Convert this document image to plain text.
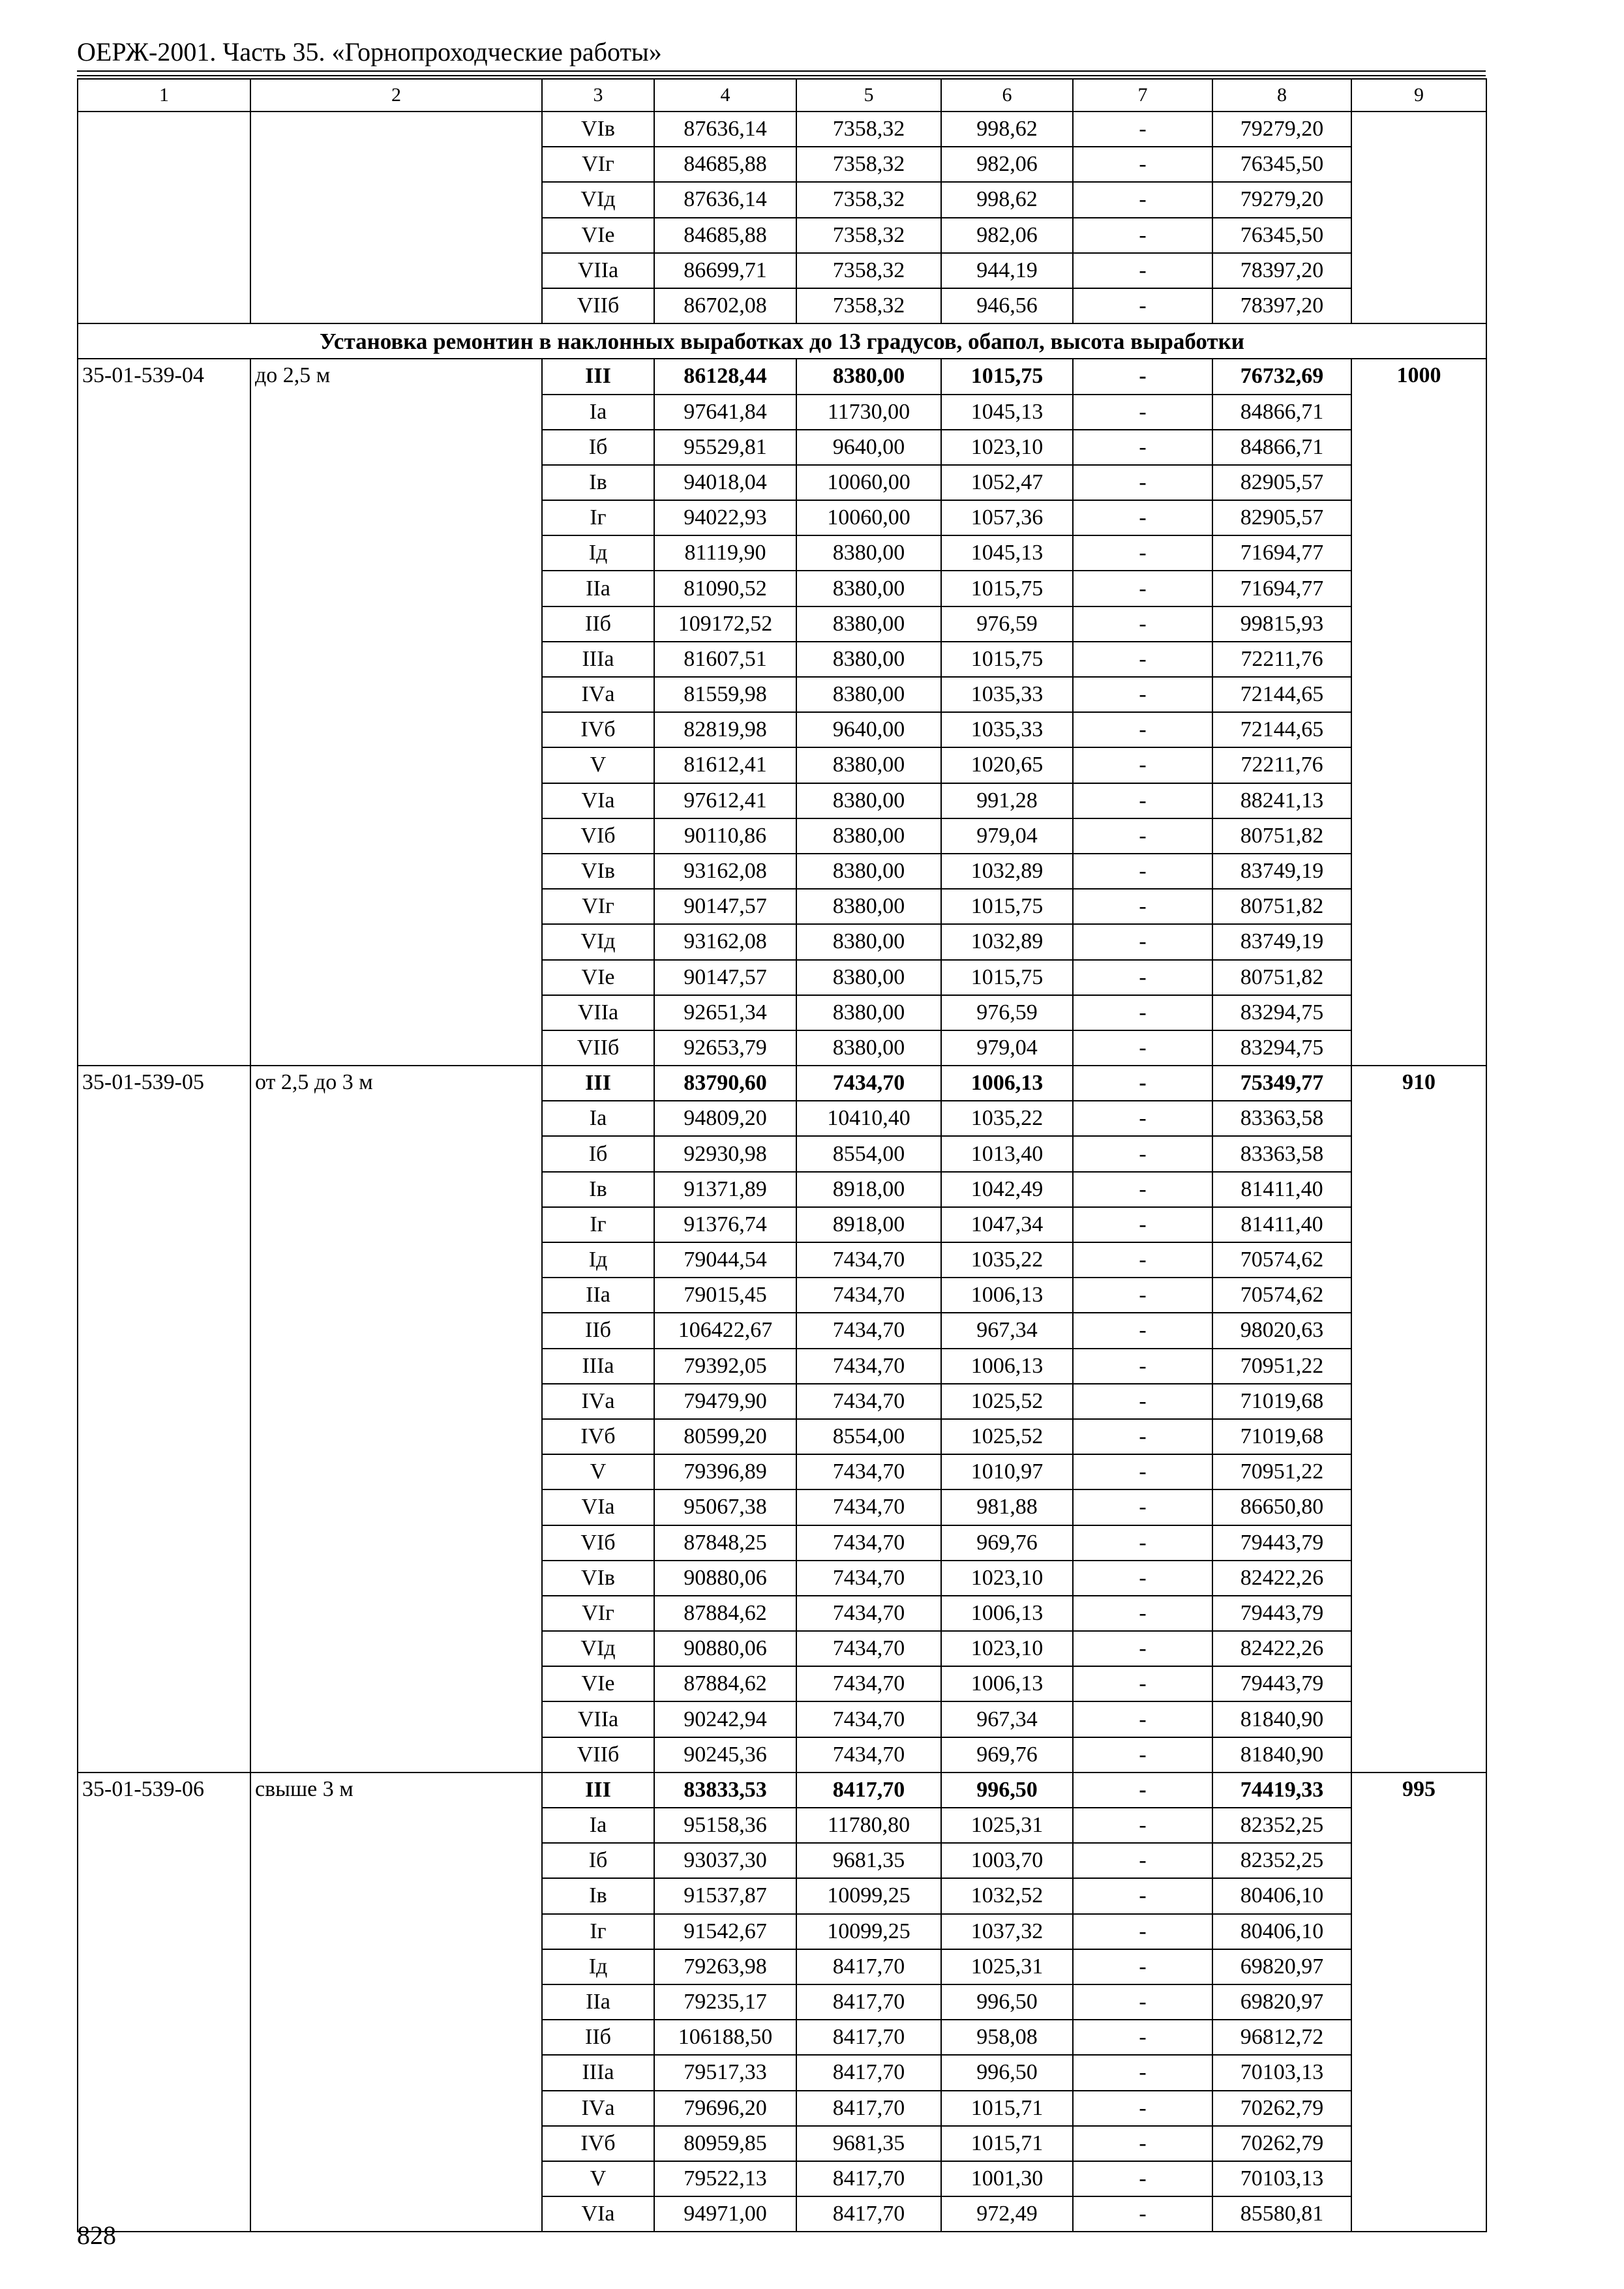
ОЕРЖ-2001. Часть 35. «Горнопроходческие работы»
1	2	3	4	5	6	7	8	9
		VIв	87636,14	7358,32	998,62	-	79279,20	
		VIг	84685,88	7358,32	982,06	-	76345,50	
		VIд	87636,14	7358,32	998,62	-	79279,20	
		VIе	84685,88	7358,32	982,06	-	76345,50	
		VIIа	86699,71	7358,32	944,19	-	78397,20	
		VIIб	86702,08	7358,32	946,56	-	78397,20	
Установка ремонтин в наклонных выработках до 13 градусов, обапол, высота выработки								
35-01-539-04	до 2,5 м	III	86128,44	8380,00	1015,75	-	76732,69	1000
		Iа	97641,84	11730,00	1045,13	-	84866,71	
		Iб	95529,81	9640,00	1023,10	-	84866,71	
		Iв	94018,04	10060,00	1052,47	-	82905,57	
		Iг	94022,93	10060,00	1057,36	-	82905,57	
		Iд	81119,90	8380,00	1045,13	-	71694,77	
		IIа	81090,52	8380,00	1015,75	-	71694,77	
		IIб	109172,52	8380,00	976,59	-	99815,93	
		IIIа	81607,51	8380,00	1015,75	-	72211,76	
		IVа	81559,98	8380,00	1035,33	-	72144,65	
		IVб	82819,98	9640,00	1035,33	-	72144,65	
		V	81612,41	8380,00	1020,65	-	72211,76	
		VIа	97612,41	8380,00	991,28	-	88241,13	
		VIб	90110,86	8380,00	979,04	-	80751,82	
		VIв	93162,08	8380,00	1032,89	-	83749,19	
		VIг	90147,57	8380,00	1015,75	-	80751,82	
		VIд	93162,08	8380,00	1032,89	-	83749,19	
		VIе	90147,57	8380,00	1015,75	-	80751,82	
		VIIа	92651,34	8380,00	976,59	-	83294,75	
		VIIб	92653,79	8380,00	979,04	-	83294,75	
35-01-539-05	от 2,5 до 3 м	III	83790,60	7434,70	1006,13	-	75349,77	910
		Iа	94809,20	10410,40	1035,22	-	83363,58	
		Iб	92930,98	8554,00	1013,40	-	83363,58	
		Iв	91371,89	8918,00	1042,49	-	81411,40	
		Iг	91376,74	8918,00	1047,34	-	81411,40	
		Iд	79044,54	7434,70	1035,22	-	70574,62	
		IIа	79015,45	7434,70	1006,13	-	70574,62	
		IIб	106422,67	7434,70	967,34	-	98020,63	
		IIIа	79392,05	7434,70	1006,13	-	70951,22	
		IVа	79479,90	7434,70	1025,52	-	71019,68	
		IVб	80599,20	8554,00	1025,52	-	71019,68	
		V	79396,89	7434,70	1010,97	-	70951,22	
		VIа	95067,38	7434,70	981,88	-	86650,80	
		VIб	87848,25	7434,70	969,76	-	79443,79	
		VIв	90880,06	7434,70	1023,10	-	82422,26	
		VIг	87884,62	7434,70	1006,13	-	79443,79	
		VIд	90880,06	7434,70	1023,10	-	82422,26	
		VIе	87884,62	7434,70	1006,13	-	79443,79	
		VIIа	90242,94	7434,70	967,34	-	81840,90	
		VIIб	90245,36	7434,70	969,76	-	81840,90	
35-01-539-06	свыше 3 м	III	83833,53	8417,70	996,50	-	74419,33	995
		Iа	95158,36	11780,80	1025,31	-	82352,25	
		Iб	93037,30	9681,35	1003,70	-	82352,25	
		Iв	91537,87	10099,25	1032,52	-	80406,10	
		Iг	91542,67	10099,25	1037,32	-	80406,10	
		Iд	79263,98	8417,70	1025,31	-	69820,97	
		IIа	79235,17	8417,70	996,50	-	69820,97	
		IIб	106188,50	8417,70	958,08	-	96812,72	
		IIIа	79517,33	8417,70	996,50	-	70103,13	
		IVа	79696,20	8417,70	1015,71	-	70262,79	
		IVб	80959,85	9681,35	1015,71	-	70262,79	
		V	79522,13	8417,70	1001,30	-	70103,13	
		VIа	94971,00	8417,70	972,49	-	85580,81	
828
